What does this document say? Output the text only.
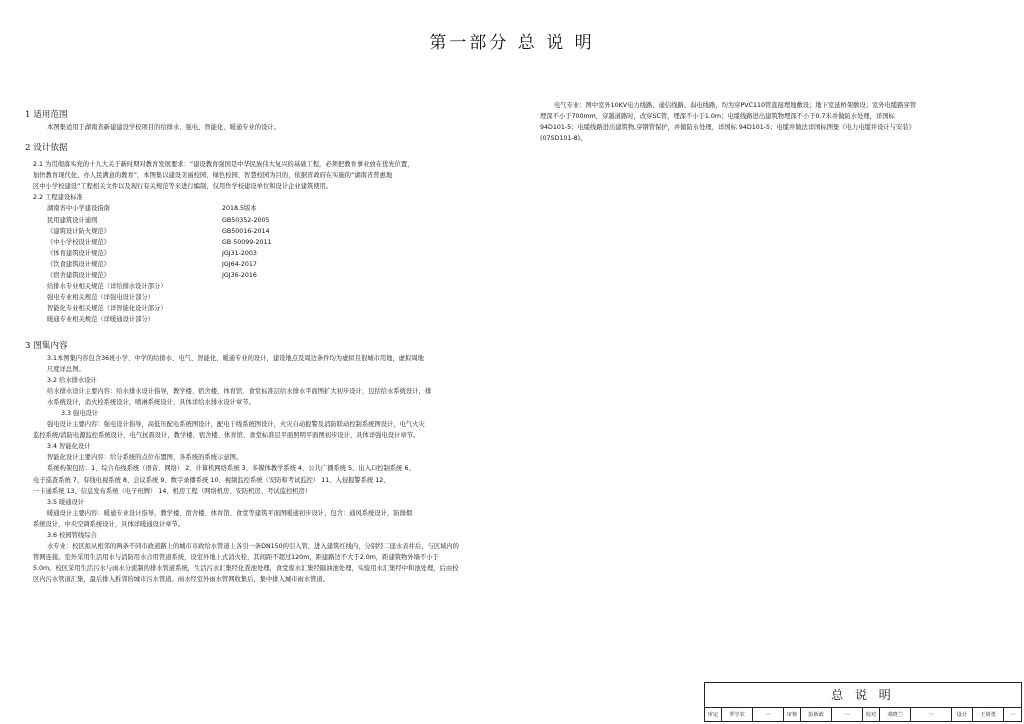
第一部分 总 说 明
1 适用范围
本图集适用于湖南省新建建设学校项目的给排水、强电、智能化、暖通专业的设计。
2 设计依据
2.1 为贯彻落实党的十九大关于新时期对教育发展要求：“建设教育强国是中华民族伟大复兴的基础工程，必须把教育事业放在优先位置，
加快教育现代化，办人民满意的教育”，本图集以建设美丽校园、绿色校园、智慧校园为目的，依据省政府在实施的“湖南省普惠地
区中小学校建设”工程相关文件以及现行有关规范等来进行编制，仅用作学校建设单位和设计企业建筑使用。
2.2 工程建设标准
湖南省中小学建设指南	2018.5版本
民用建筑设计通则	GB50352-2005
《建筑设计防火规范》	GB50016-2014
《中小学校设计规范》	GB 50099-2011
《体育建筑设计规范》	JGJ31-2003
《饮食建筑设计规范》	JGJ64-2017
《宿舍建筑设计规范》	JGJ36-2016
给排水专业相关规范（详给排水设计部分）
强电专业相关规范（详强电设计部分）
智能化专业相关规范（详智能化设计部分）
暖通专业相关规范（详暖通设计部分）
3 图集内容
3.1本图集内容包含36班小学、中学的给排水、电气、智能化、暖通专业的设计，建设地点及周边条件均为虚拟且很城市用地，虚拟周地
尺度详总图。
3.2 给水排水设计
给水排水设计主要内容：给水排水设计指导，教学楼、宿舍楼、体育馆、食堂标准层给水排水平面图扩大初步设计，包括给水系统设计，排
水系统设计，消火栓系统设计，喷淋系统设计，具体详给水排水设计章节。
3.3 强电设计
强电设计主要内容：强电设计指导，高低压配电系统图设计，配电干线系统图设计，火灾自动报警及消防联动控制系统图设计，电气火灾
监控系统/消防电源监控系统设计，电气抗震设计，教学楼、宿舍楼、体育馆、食堂标准层平面照明平面图初步设计，具体详强电设计章节。
3.4 智能化设计
智能化设计主要内容：给分系统的点位布置图、各系统的系统示意图。
系统构架包括：1、综合布线系统（语音、网络） 2、计算机网络系统 3、多媒体教学系统 4、公共广播系统 5、出入口控制系统 6、
电子巡查系统 7、有线电视系统 8、会议系统 9、数字录播系统 10、视频监控系统（安防和考试监控） 11、入侵报警系统 12、
一卡通系统 13、信息发布系统（电子班牌） 14、机房工程（网络机房、安防机房、考试监控机房）
3.5 暖通设计
暖通设计主要内容：暖通专业设计指导，教学楼、宿舍楼、体育馆、食堂等建筑平面图暖通初步设计，包含：通风系统设计，防排烟
系统设计，中央空调系统设计，具体详暖通设计章节。
3.6 校园管线综合
水专业：校区拟从相邻的两条不同市政道路上的城市市政给水管道上各引一条DN150的引入管，进入建筑红线内，分别经二座水表井后，与区域内的
管网连接。室外采用生活用水与消防用水合用管道系统，设室外地上式消火栓，其间距不超过120m，距建路边不大于2.0m，距建筑物外墙不小于
5.0m。校区采用生活污水与雨水分流制的排水管道系统，生活污水汇集经化粪池处理，食堂废水汇集经隔油池处理，实验用水汇集经中和池处理，后由校
区内污水管道汇集，最后排入拆邻的城市污水管道。雨水经室外雨水管网收集后，集中排入城市雨水管道。
电气专业：图中室外10KV电力线路、通信线路、弱电线路，均为穿PVC110管直接埋地敷设；地下室延桥架敷设；室外电缆路穿管
埋深不小于700mm，穿越道路时，改穿SC管，埋深不小于1.0m；电缆线路进出建筑物埋深不小于0.7米并做防水处理，详国标
94D101-5；电缆线路进出建筑物,穿钢管保护，并做防水处理，详国标 94D101-5；电缆井做法详国标图集《电力电缆井设计与安装》
(07SD101-8)。
总 说 明
审定	罗学农	〰	审核	彭新政	〰	校对	邓晓兰	〰	设计	王倩勇	〰
